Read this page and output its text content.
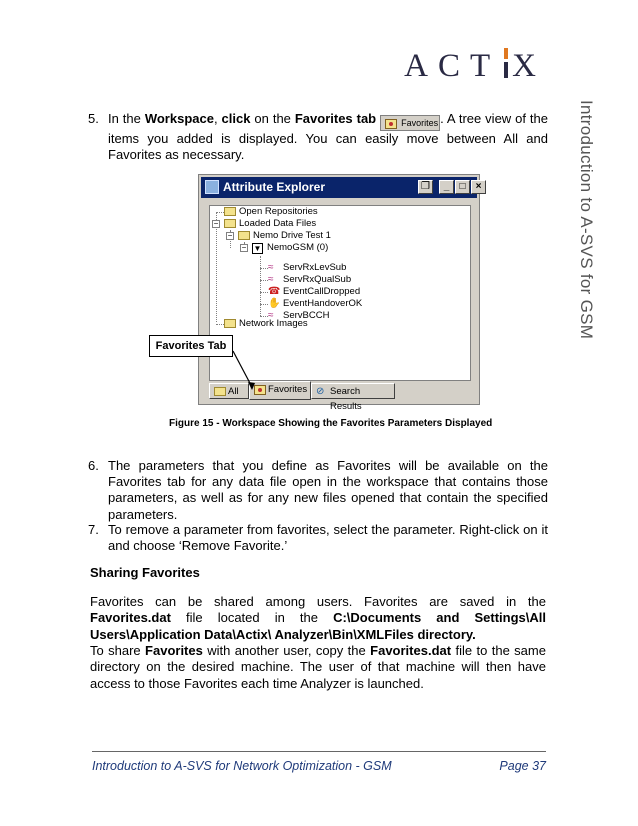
ACT X
Introduction to A-SVS for GSM
5. In the Workspace, click on the Favorites tab	Favorites . A tree view of the items you added is displayed. You can easily move between All and Favorites as necessary.
Attribute Explorer	❐	_	□	×
Open Repositories
− Loaded Data Files
− Nemo Drive Test 1
− ▼ NemoGSM (0)
≈	ServRxLevSub
≈	ServRxQualSub
☎ EventCallDropped
✋ EventHandoverOK
≈	ServBCCH
Network Images
All	Favorites ⊘ Search Results
Favorites Tab
Figure 15 - Workspace Showing the Favorites Parameters Displayed
6. The parameters that you define as Favorites will be available on the Favorites tab for any data file open in the workspace that contains those parameters, as well as for any new files opened that contain the specified parameters.
7. To remove a parameter from favorites, select the parameter. Right-click on it and choose ‘Remove Favorite.’
Sharing Favorites
Favorites can be shared among users. Favorites are saved in the Favorites.dat file located in the C:\Documents and Settings\All Users\Application Data\Actix\ Analyzer\Bin\XMLFiles directory.
To share Favorites with another user, copy the Favorites.dat file to the same directory on the desired machine. The user of that machine will then have access to those Favorites each time Analyzer is launched.
Introduction to A-SVS for Network Optimization - GSM	Page 37
